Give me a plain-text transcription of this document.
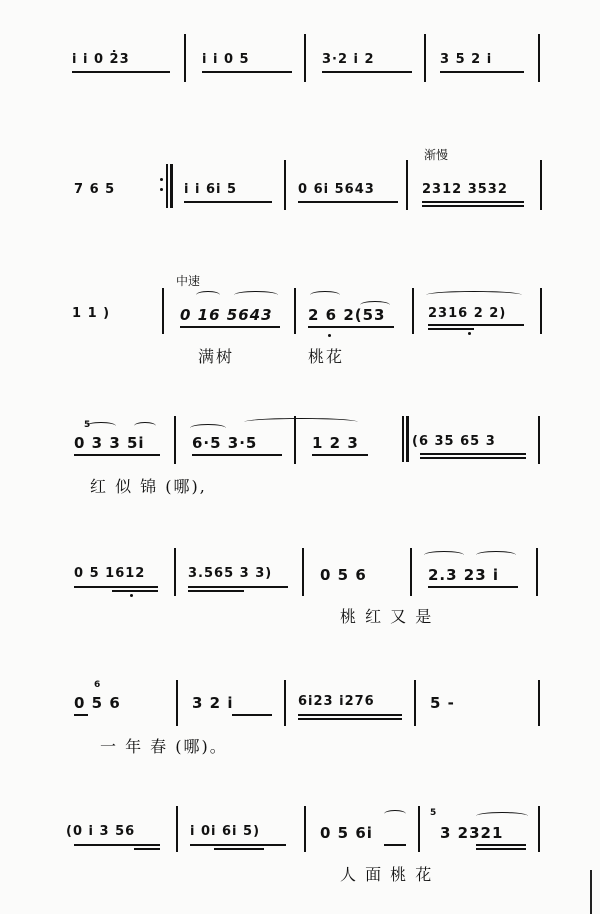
i i 0 2̇3	i i 0 5	3·2 i 2	3 5 2 i
7 6 5	i i 6i 5	0 6i 5643
渐慢
2312 3532
1 1 )
中速
0 16 5643 2 6 2(53	2316 2 2)
满树	桃花
5
0 3 3 5i	6·5 3·5	1 2 3	(6 35 65 3
红 似 锦 (哪),
0 5 1612	3.565 3 3)	0 5 6	2.3 23 i
桃 红 又 是
6
0 5 6	3 2 i	6i23 i276	5 -
一 年 春 (哪)。
(0 i 3 56	i 0i 6i 5)	0 5 6i
5
3 2321
人 面 桃 花
